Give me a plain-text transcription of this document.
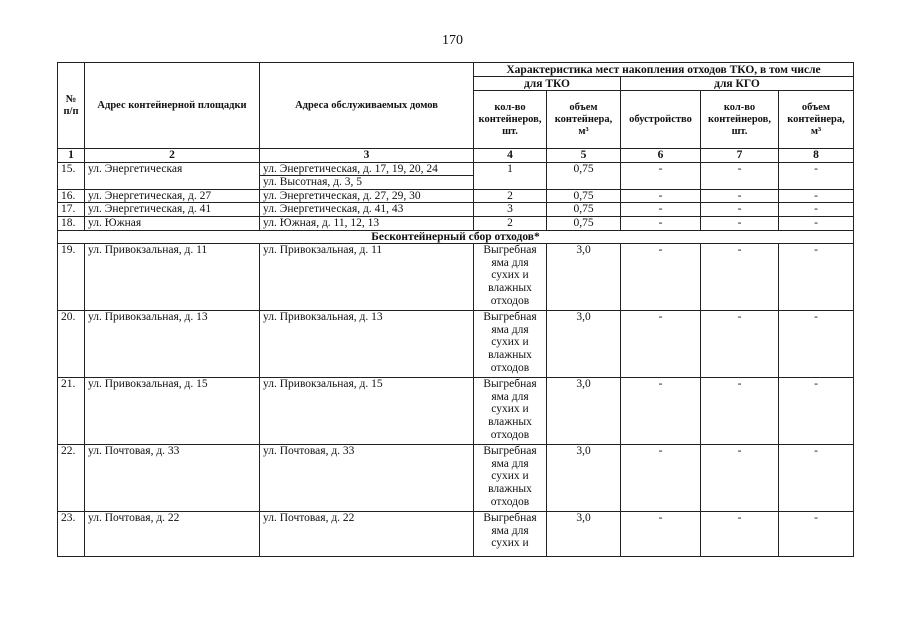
170
№ п/п	Адрес контейнерной площадки	Адреса обслуживаемых домов	Характеристика мест накопления отходов ТКО, в том числе				
			для ТКО		для КГО		
			кол-во контейнеров, шт.	объем контейнера, м³	обустройство	кол-во контейнеров, шт.	объем контейнера, м³
1	2	3	4	5	6	7	8
15.	ул. Энергетическая	ул. Энергетическая, д. 17, 19, 20, 24	1	0,75	-	-	-
		ул. Высотная, д. 3, 5					
16.	ул. Энергетическая, д. 27	ул. Энергетическая, д. 27, 29, 30	2	0,75	-	-	-
17.	ул. Энергетическая, д. 41	ул. Энергетическая, д. 41, 43	3	0,75	-	-	-
18.	ул. Южная	ул. Южная, д. 11, 12, 13	2	0,75	-	-	-
Бесконтейнерный сбор отходов*							
19.	ул. Привокзальная, д. 11	ул. Привокзальная, д. 11	Выгребная яма для сухих и влажных отходов	3,0	-	-	-
20.	ул. Привокзальная, д. 13	ул. Привокзальная, д. 13	Выгребная яма для сухих и влажных отходов	3,0	-	-	-
21.	ул. Привокзальная, д. 15	ул. Привокзальная, д. 15	Выгребная яма для сухих и влажных отходов	3,0	-	-	-
22.	ул. Почтовая, д. 33	ул. Почтовая, д. 33	Выгребная яма для сухих и влажных отходов	3,0	-	-	-
23.	ул. Почтовая, д. 22	ул. Почтовая, д. 22	Выгребная яма для сухих и	3,0	-	-	-
